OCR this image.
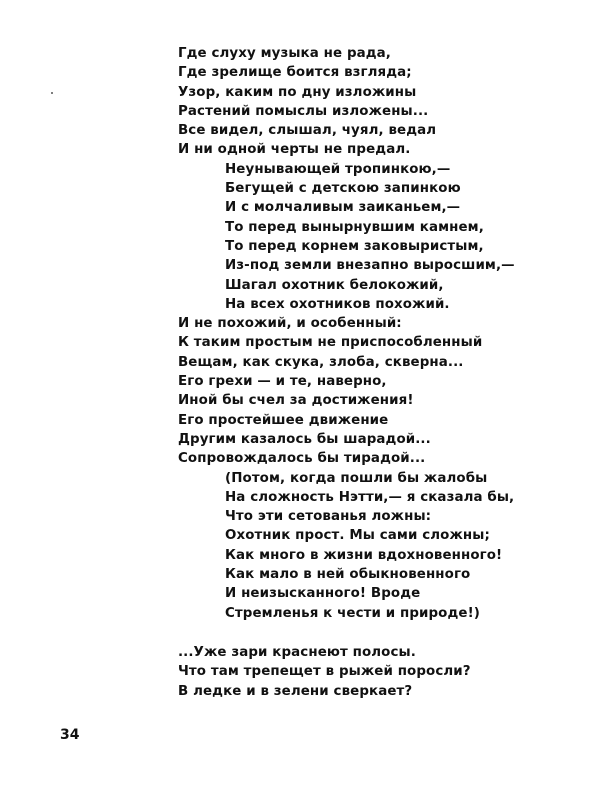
Где слуху музыка не рада,
Где зрелище боится взгляда;
Узор, каким по дну изложины
Растений помыслы изложены...
Все видел, слышал, чуял, ведал
И ни одной черты не предал.
Неунывающей тропинкою,—
Бегущей с детскою запинкою
И с молчаливым заиканьем,—
То перед вынырнувшим камнем,
То перед корнем заковыристым,
Из-под земли внезапно выросшим,—
Шагал охотник белокожий,
На всех охотников похожий.
И не похожий, и особенный:
К таким простым не приспособленный
Вещам, как скука, злоба, скверна...
Его грехи — и те, наверно,
Иной бы счел за достижения!
Его простейшее движение
Другим казалось бы шарадой...
Сопровождалось бы тирадой...
(Потом, когда пошли бы жалобы
На сложность Нэтти,— я сказала бы,
Что эти сетованья ложны:
Охотник прост. Мы сами сложны;
Как много в жизни вдохновенного!
Как мало в ней обыкновенного
И неизысканного! Вроде
Стремленья к чести и природе!)
...Уже зари краснеют полосы.
Что там трепещет в рыжей поросли?
В ледке и в зелени сверкает?
34
